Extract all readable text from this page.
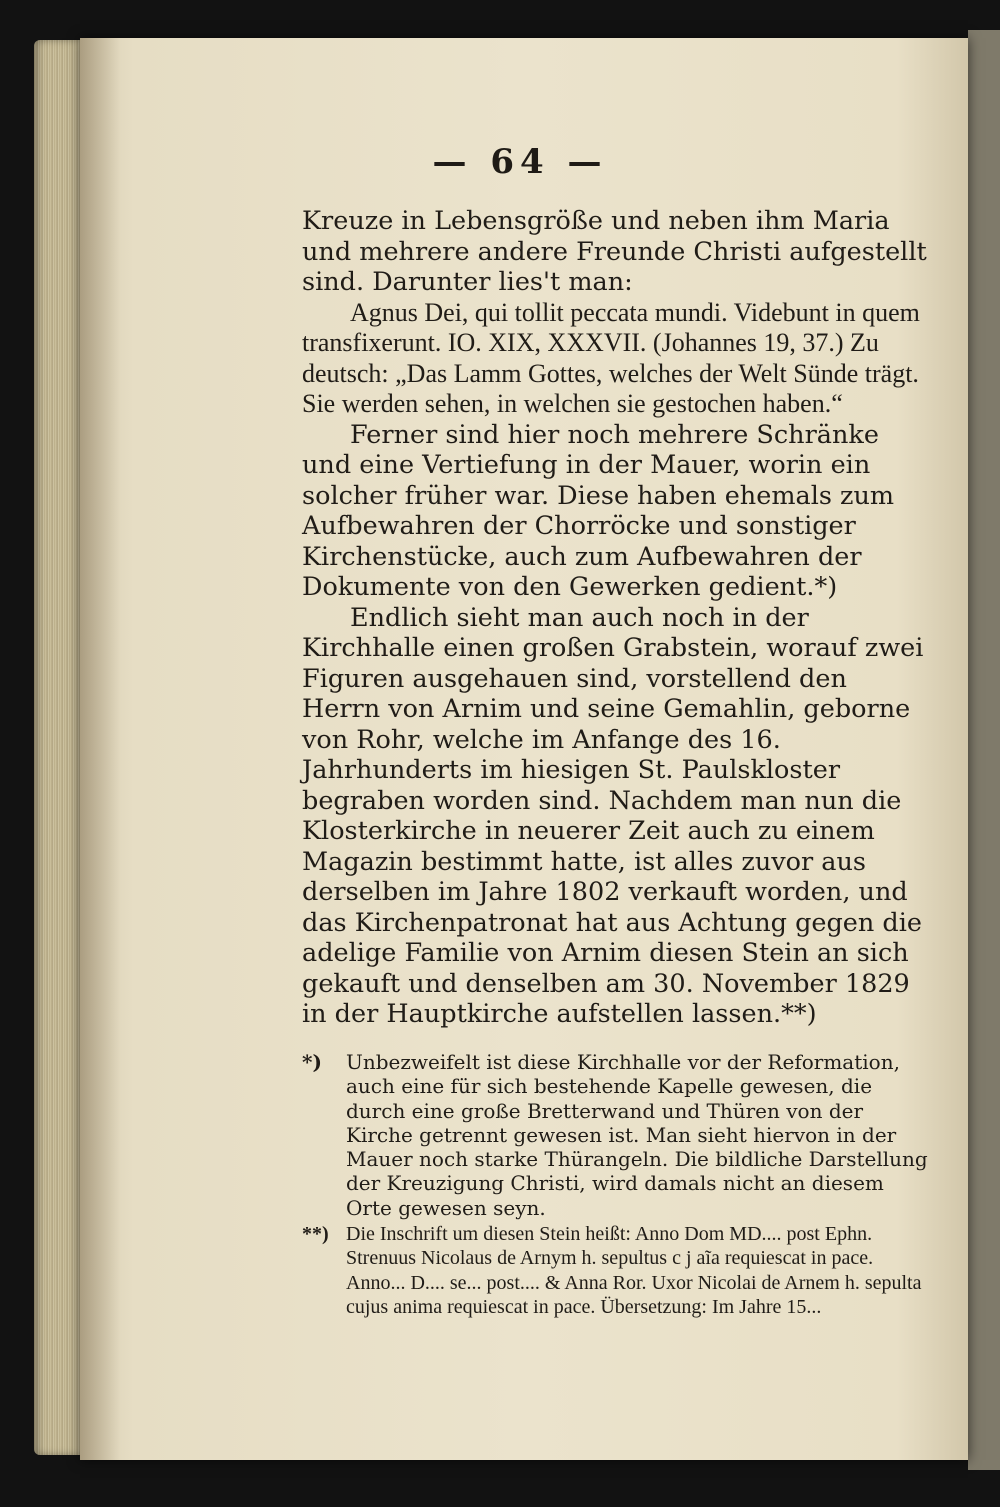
— 64 —

Kreuze in Lebensgröße und neben ihm Maria und mehrere andere Freunde Christi aufgestellt sind. Darunter lies't man:

Agnus Dei, qui tollit peccata mundi. Videbunt in quem transfixerunt. IO. XIX, XXXVII. (Johannes 19, 37.) Zu deutsch: „Das Lamm Gottes, welches der Welt Sünde trägt. Sie werden sehen, in welchen sie gestochen haben.“

Ferner sind hier noch mehrere Schränke und eine Vertiefung in der Mauer, worin ein solcher früher war. Diese haben ehemals zum Aufbewahren der Chorröcke und sonstiger Kirchenstücke, auch zum Aufbewahren der Dokumente von den Gewerken gedient.*)

Endlich sieht man auch noch in der Kirchhalle einen großen Grabstein, worauf zwei Figuren ausgehauen sind, vorstellend den Herrn von Arnim und seine Gemahlin, geborne von Rohr, welche im Anfange des 16. Jahrhunderts im hiesigen St. Paulskloster begraben worden sind. Nachdem man nun die Klosterkirche in neuerer Zeit auch zu einem Magazin bestimmt hatte, ist alles zuvor aus derselben im Jahre 1802 verkauft worden, und das Kirchenpatronat hat aus Achtung gegen die adelige Familie von Arnim diesen Stein an sich gekauft und denselben am 30. November 1829 in der Hauptkirche aufstellen lassen.**)

*) Unbezweifelt ist diese Kirchhalle vor der Reformation, auch eine für sich bestehende Kapelle gewesen, die durch eine große Bretterwand und Thüren von der Kirche getrennt gewesen ist. Man sieht hiervon in der Mauer noch starke Thürangeln. Die bildliche Darstellung der Kreuzigung Christi, wird damals nicht an diesem Orte gewesen seyn.

**) Die Inschrift um diesen Stein heißt: Anno Dom MD.... post Ephn. Strenuus Nicolaus de Arnym h. sepultus c j aĩa requiescat in pace. Anno... D.... se... post.... & Anna Ror. Uxor Nicolai de Arnem h. sepulta cujus anima requiescat in pace. Übersetzung: Im Jahre 15...
